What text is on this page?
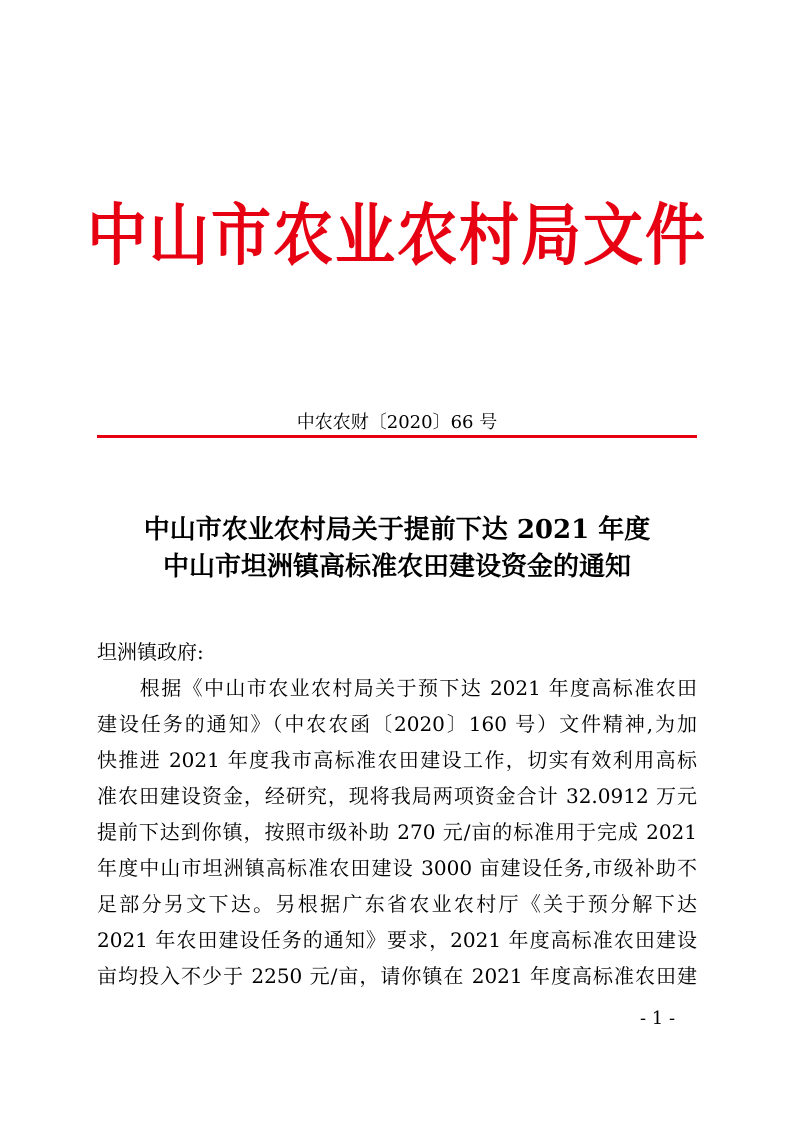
中山市农业农村局文件
中农农财〔2020〕66 号
中山市农业农村局关于提前下达 2021 年度
中山市坦洲镇高标准农田建设资金的通知
坦洲镇政府:
　　根据《中山市农业农村局关于预下达 2021 年度高标准农田
建设任务的通知》（中农农函〔2020〕160 号）文件精神,为加
快推进 2021 年度我市高标准农田建设工作，切实有效利用高标
准农田建设资金，经研究，现将我局两项资金合计 32.0912 万元
提前下达到你镇，按照市级补助 270 元/亩的标准用于完成 2021
年度中山市坦洲镇高标准农田建设 3000 亩建设任务,市级补助不
足部分另文下达。另根据广东省农业农村厅《关于预分解下达
2021 年农田建设任务的通知》要求，2021 年度高标准农田建设
亩均投入不少于 2250 元/亩，请你镇在 2021 年度高标准农田建
- 1 -
